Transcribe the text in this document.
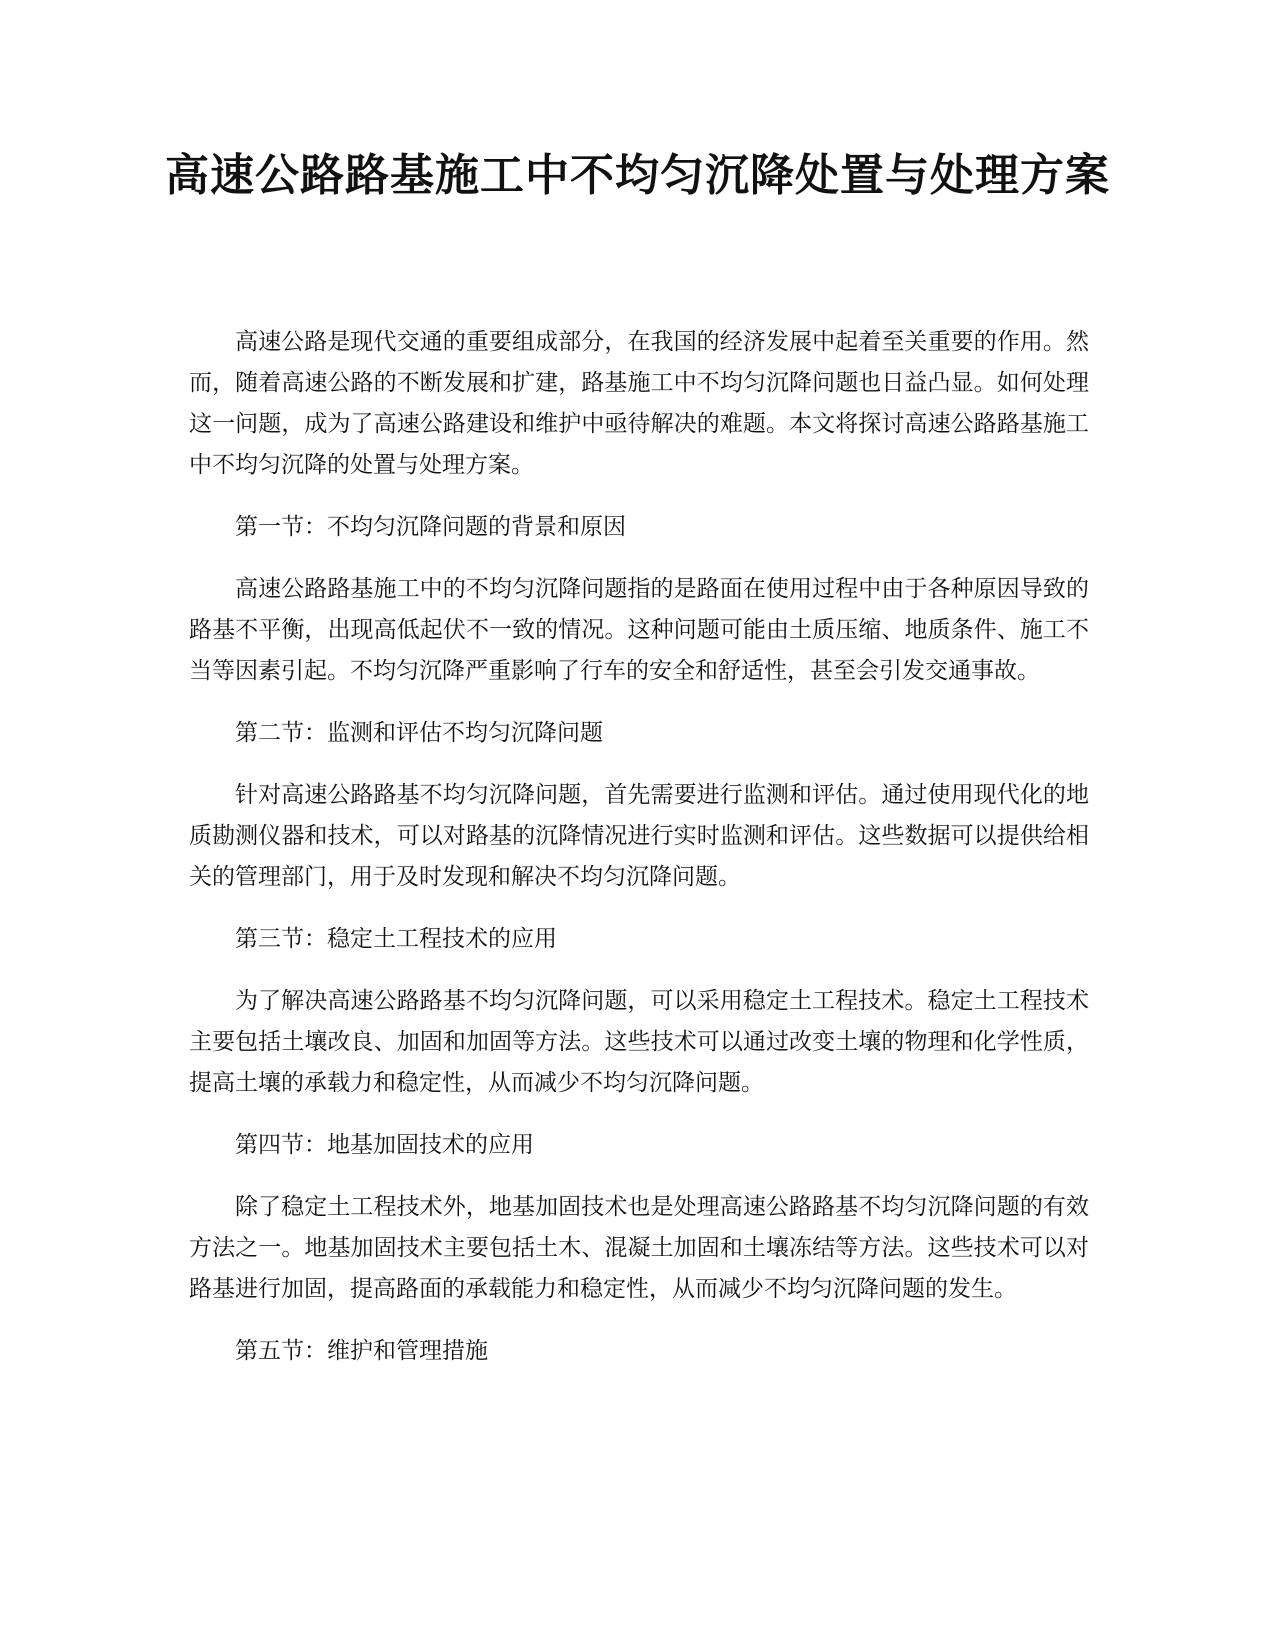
高速公路路基施工中不均匀沉降处置与处理方案

高速公路是现代交通的重要组成部分，在我国的经济发展中起着至关重要的作用。然而，随着高速公路的不断发展和扩建，路基施工中不均匀沉降问题也日益凸显。如何处理这一问题，成为了高速公路建设和维护中亟待解决的难题。本文将探讨高速公路路基施工中不均匀沉降的处置与处理方案。

第一节：不均匀沉降问题的背景和原因

高速公路路基施工中的不均匀沉降问题指的是路面在使用过程中由于各种原因导致的路基不平衡，出现高低起伏不一致的情况。这种问题可能由土质压缩、地质条件、施工不当等因素引起。不均匀沉降严重影响了行车的安全和舒适性，甚至会引发交通事故。

第二节：监测和评估不均匀沉降问题

针对高速公路路基不均匀沉降问题，首先需要进行监测和评估。通过使用现代化的地质勘测仪器和技术，可以对路基的沉降情况进行实时监测和评估。这些数据可以提供给相关的管理部门，用于及时发现和解决不均匀沉降问题。

第三节：稳定土工程技术的应用

为了解决高速公路路基不均匀沉降问题，可以采用稳定土工程技术。稳定土工程技术主要包括土壤改良、加固和加固等方法。这些技术可以通过改变土壤的物理和化学性质，提高土壤的承载力和稳定性，从而减少不均匀沉降问题。

第四节：地基加固技术的应用

除了稳定土工程技术外，地基加固技术也是处理高速公路路基不均匀沉降问题的有效方法之一。地基加固技术主要包括土木、混凝土加固和土壤冻结等方法。这些技术可以对路基进行加固，提高路面的承载能力和稳定性，从而减少不均匀沉降问题的发生。

第五节：维护和管理措施
